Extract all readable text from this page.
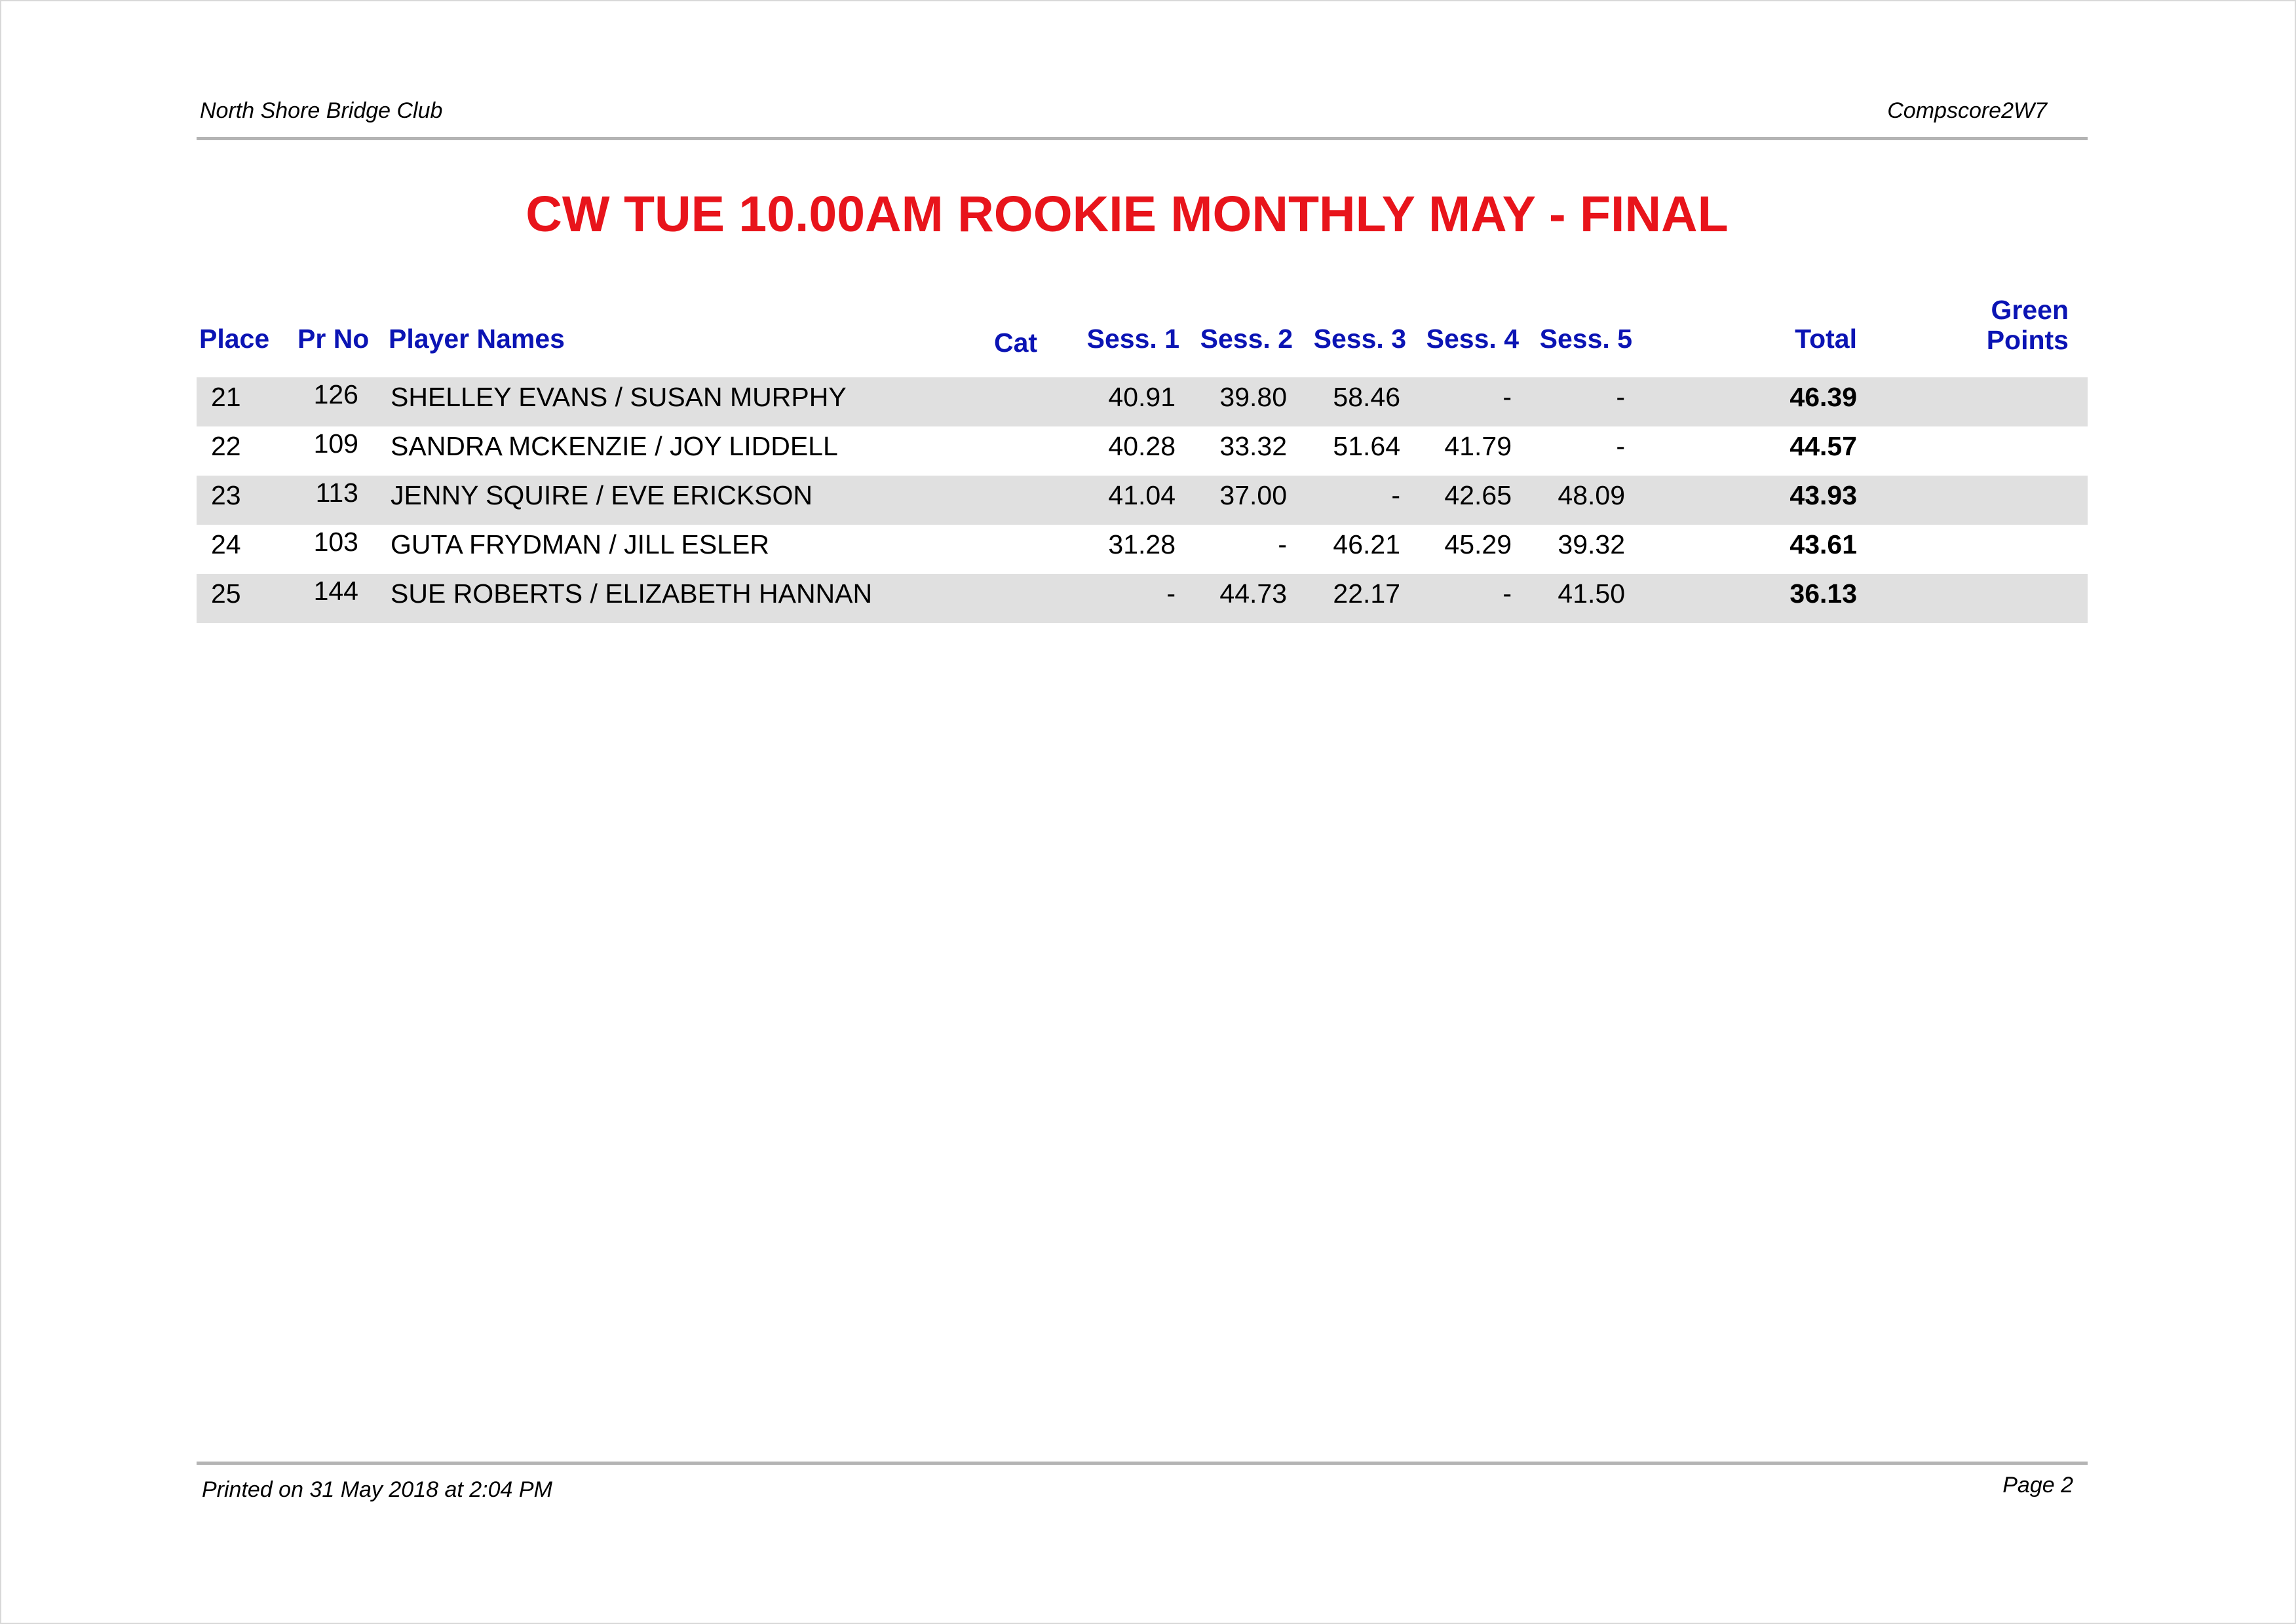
North Shore Bridge Club	Compscore2W7
CW TUE 10.00AM ROOKIE MONTHLY MAY - FINAL
Place Pr No Player Names	Cat	Sess. 1 Sess. 2 Sess. 3 Sess. 4 Sess. 5	Total
Green
Points
21	126 SHELLEY EVANS / SUSAN MURPHY	40.91	39.80	58.46	-	-	46.39
22	109 SANDRA MCKENZIE / JOY LIDDELL	40.28	33.32	51.64	41.79	-	44.57
23	113 JENNY SQUIRE / EVE ERICKSON	41.04	37.00	-	42.65	48.09	43.93
24	103 GUTA FRYDMAN / JILL ESLER	31.28	-	46.21	45.29	39.32	43.61
25	144 SUE ROBERTS / ELIZABETH HANNAN	-	44.73	22.17	-	41.50	36.13
Printed on 31 May 2018 at 2:04 PM	Page 2
